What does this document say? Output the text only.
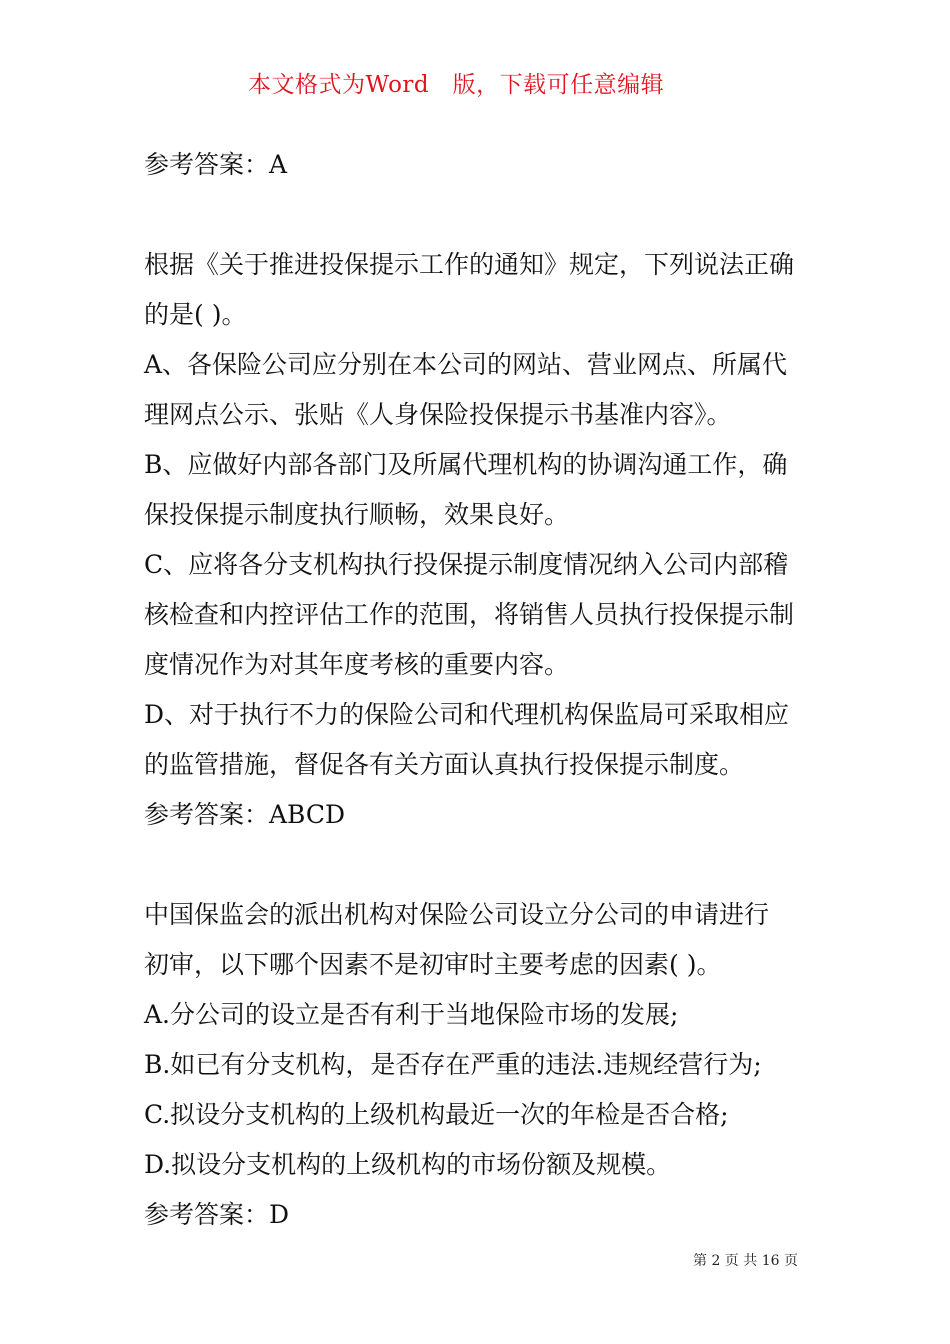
本文格式为Word　版，下载可任意编辑

参考答案：A

根据《关于推进投保提示工作的通知》规定，下列说法正确

的是( )。

A、各保险公司应分别在本公司的网站、营业网点、所属代

理网点公示、张贴《人身保险投保提示书基准内容》。

B、应做好内部各部门及所属代理机构的协调沟通工作，确

保投保提示制度执行顺畅，效果良好。

C、应将各分支机构执行投保提示制度情况纳入公司内部稽

核检查和内控评估工作的范围，将销售人员执行投保提示制

度情况作为对其年度考核的重要内容。

D、对于执行不力的保险公司和代理机构保监局可采取相应

的监管措施，督促各有关方面认真执行投保提示制度。

参考答案：ABCD

中国保监会的派出机构对保险公司设立分公司的申请进行

初审，以下哪个因素不是初审时主要考虑的因素( )。

A.分公司的设立是否有利于当地保险市场的发展;

B.如已有分支机构，是否存在严重的违法.违规经营行为;

C.拟设分支机构的上级机构最近一次的年检是否合格;

D.拟设分支机构的上级机构的市场份额及规模。

参考答案：D

第 2 页 共 16 页
